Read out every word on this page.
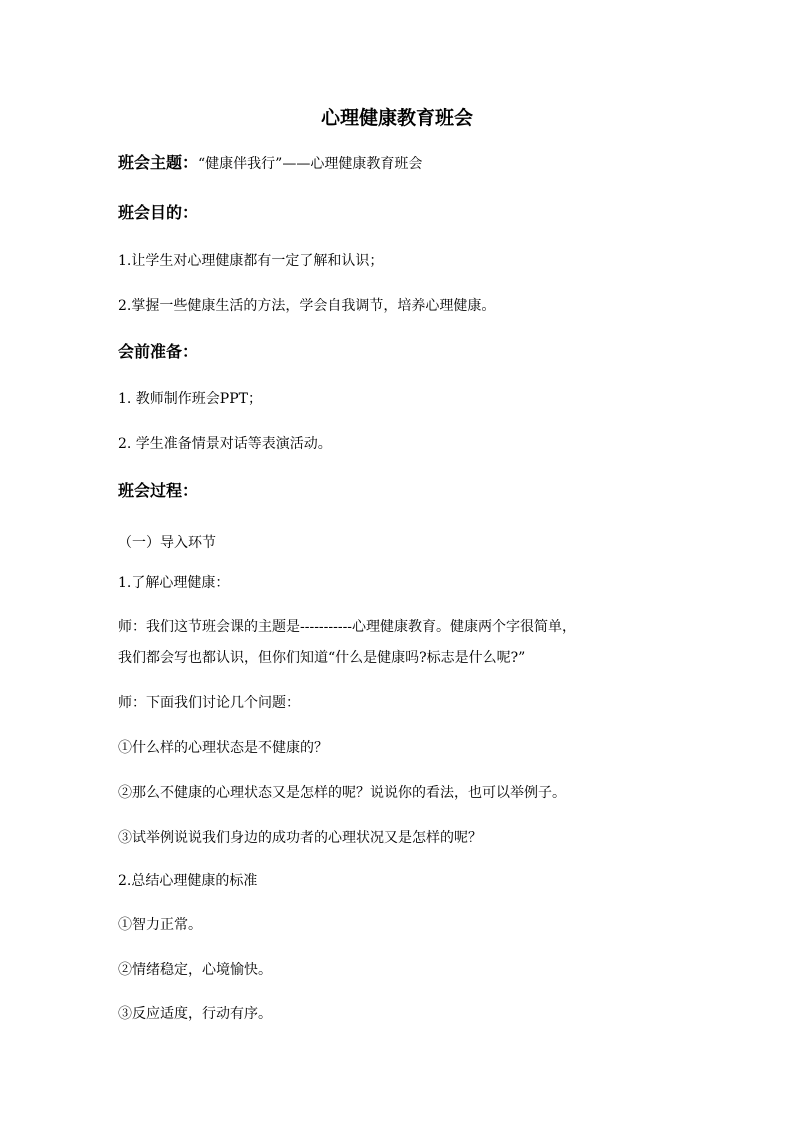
心理健康教育班会
班会主题：“健康伴我行”——心理健康教育班会
班会目的：
1.让学生对心理健康都有一定了解和认识；
2.掌握一些健康生活的方法，学会自我调节，培养心理健康。
会前准备：
1. 教师制作班会PPT；
2. 学生准备情景对话等表演活动。
班会过程：
（一）导入环节
1.了解心理健康：
师：我们这节班会课的主题是-----------心理健康教育。健康两个字很简单，
我们都会写也都认识，但你们知道“什么是健康吗?标志是什么呢?”
师：下面我们讨论几个问题：
①什么样的心理状态是不健康的？
②那么不健康的心理状态又是怎样的呢？说说你的看法，也可以举例子。
③试举例说说我们身边的成功者的心理状况又是怎样的呢？
2.总结心理健康的标准
①智力正常。
②情绪稳定，心境愉快。
③反应适度，行动有序。
